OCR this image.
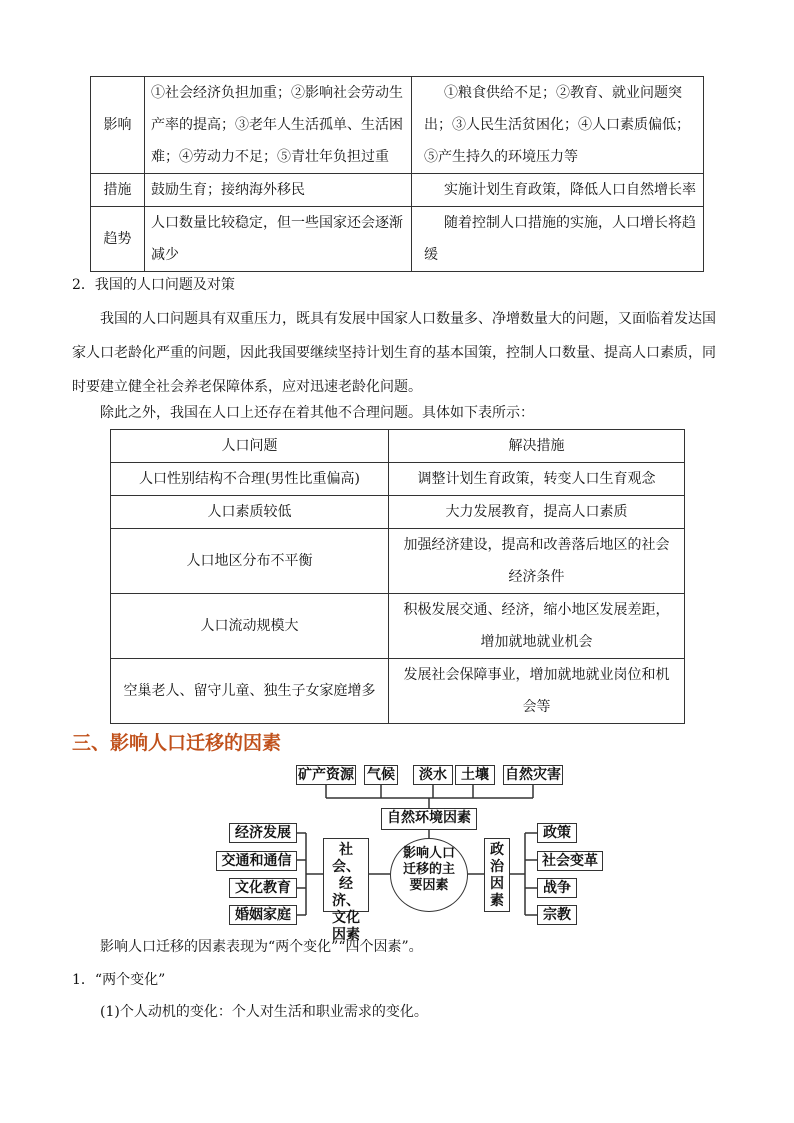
影响	①社会经济负担加重；②影响社会劳动生产率的提高；③老年人生活孤单、生活困难；④劳动力不足；⑤青壮年负担过重	①粮食供给不足；②教育、就业问题突出；③人民生活贫困化；④人口素质偏低；⑤产生持久的环境压力等
措施	鼓励生育；接纳海外移民	实施计划生育政策，降低人口自然增长率
趋势	人口数量比较稳定，但一些国家还会逐渐减少	随着控制人口措施的实施，人口增长将趋缓
2．我国的人口问题及对策
我国的人口问题具有双重压力，既具有发展中国家人口数量多、净增数量大的问题，又面临着发达国家人口老龄化严重的问题，因此我国要继续坚持计划生育的基本国策，控制人口数量、提高人口素质，同时要建立健全社会养老保障体系，应对迅速老龄化问题。
除此之外，我国在人口上还存在着其他不合理问题。具体如下表所示：
人口问题	解决措施
人口性别结构不合理(男性比重偏高)	调整计划生育政策，转变人口生育观念
人口素质较低	大力发展教育，提高人口素质
人口地区分布不平衡	加强经济建设，提高和改善落后地区的社会经济条件
人口流动规模大	积极发展交通、经济，缩小地区发展差距，增加就地就业机会
空巢老人、留守儿童、独生子女家庭增多	发展社会保障事业，增加就地就业岗位和机会等
三、影响人口迁移的因素
矿产资源 气候	淡水	土壤	自然灾害
自然环境因素
影响人口迁移的主要因素
社会、经济、文化因素
政治因素
经济发展
交通和通信
文化教育
婚姻家庭
政策
社会变革
战争
宗教
影响人口迁移的因素表现为“两个变化”“四个因素”。
1．“两个变化”
(1)个人动机的变化：个人对生活和职业需求的变化。
